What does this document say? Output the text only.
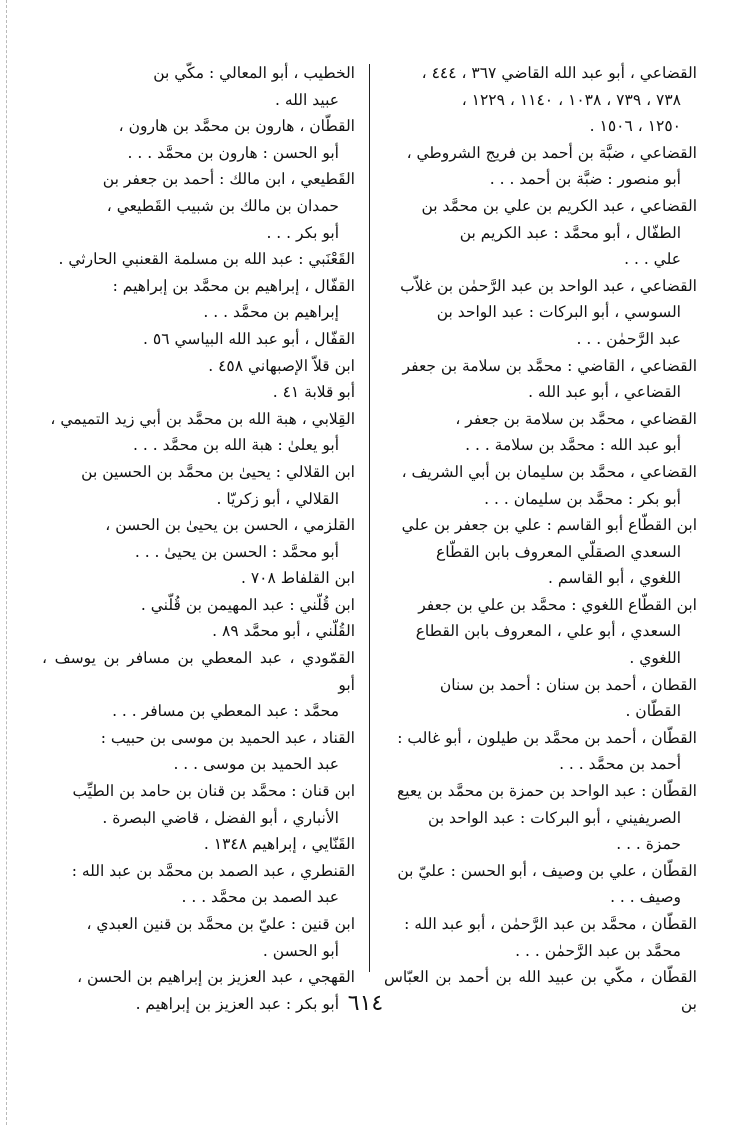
القضاعي ، أبو عبد الله القاضي ٣٦٧ ، ٤٤٤ ،
٧٣٨ ، ٧٣٩ ، ١٠٣٨ ، ١١٤٠ ، ١٢٢٩ ،
١٢٥٠ ، ١٥٠٦ .
القضاعي ، ضبَّة بن أحمد بن فريج الشروطي ،
أبو منصور : ضبَّة بن أحمد . . .
القضاعي ، عبد الكريم بن علي بن محمَّد بن
الطفّال ، أبو محمَّد : عبد الكريم بن
علي . . .
القضاعي ، عبد الواحد بن عبد الرَّحمٰن بن غلاّب
السوسي ، أبو البركات : عبد الواحد بن
عبد الرَّحمٰن . . .
القضاعي ، القاضي : محمَّد بن سلامة بن جعفر
القضاعي ، أبو عبد الله .
القضاعي ، محمَّد بن سلامة بن جعفر ،
أبو عبد الله : محمَّد بن سلامة . . .
القضاعي ، محمَّد بن سليمان بن أبي الشريف ،
أبو بكر : محمَّد بن سليمان . . .
ابن القطّاع أبو القاسم : علي بن جعفر بن علي
السعدي الصقلّي المعروف بابن القطّاع
اللغوي ، أبو القاسم .
ابن القطّاع اللغوي : محمَّد بن علي بن جعفر
السعدي ، أبو علي ، المعروف بابن القطاع
اللغوي .
القطان ، أحمد بن سنان : أحمد بن سنان
القطّان .
القطّان ، أحمد بن محمَّد بن طيلون ، أبو غالب :
أحمد بن محمَّد . . .
القطّان : عبد الواحد بن حمزة بن محمَّد بن يعيع
الصريفيني ، أبو البركات : عبد الواحد بن
حمزة . . .
القطّان ، علي بن وصيف ، أبو الحسن : عليّ بن
وصيف . . .
القطّان ، محمَّد بن عبد الرَّحمٰن ، أبو عبد الله :
محمَّد بن عبد الرَّحمٰن . . .
القطّان ، مكّي بن عبيد الله بن أحمد بن العبّاس بن
الخطيب ، أبو المعالي : مكّي بن
عبيد الله .
القطّان ، هارون بن محمَّد بن هارون ،
أبو الحسن : هارون بن محمَّد . . .
القَطيعي ، ابن مالك : أحمد بن جعفر بن
حمدان بن مالك بن شبيب القَطيعي ،
أبو بكر . . .
القَعْنَبي : عبد الله بن مسلمة القعنبي الحارثي .
القفّال ، إبراهيم بن محمَّد بن إبراهيم :
إبراهيم بن محمَّد . . .
القفّال ، أبو عبد الله البياسي ٥٦ .
ابن قلاّ الإصبهاني ٤٥٨ .
أبو قلابة ٤١ .
القِلابي ، هبة الله بن محمَّد بن أبي زيد التميمي ،
أبو يعلىٰ : هبة الله بن محمَّد . . .
ابن القلالي : يحيىٰ بن محمَّد بن الحسين بن
القلالي ، أبو زكريّا .
القلزمي ، الحسن بن يحيىٰ بن الحسن ،
أبو محمَّد : الحسن بن يحيىٰ . . .
ابن القلفاط ٧٠٨ .
ابن قُلّني : عبد المهيمن بن قُلّني .
القُلّني ، أبو محمَّد ٨٩ .
القمّودي ، عبد المعطي بن مسافر بن يوسف ، أبو
محمَّد : عبد المعطي بن مسافر . . .
القناد ، عبد الحميد بن موسى بن حبيب :
عبد الحميد بن موسى . . .
ابن قنان : محمَّد بن قنان بن حامد بن الطيِّب
الأنباري ، أبو الفضل ، قاضي البصرة .
القَنّايي ، إبراهيم ١٣٤٨ .
القنطري ، عبد الصمد بن محمَّد بن عبد الله :
عبد الصمد بن محمَّد . . .
ابن قنين : عليّ بن محمَّد بن قنين العبدي ،
أبو الحسن .
القهجي ، عبد العزيز بن إبراهيم بن الحسن ،
أبو بكر : عبد العزيز بن إبراهيم . ٦١٤
